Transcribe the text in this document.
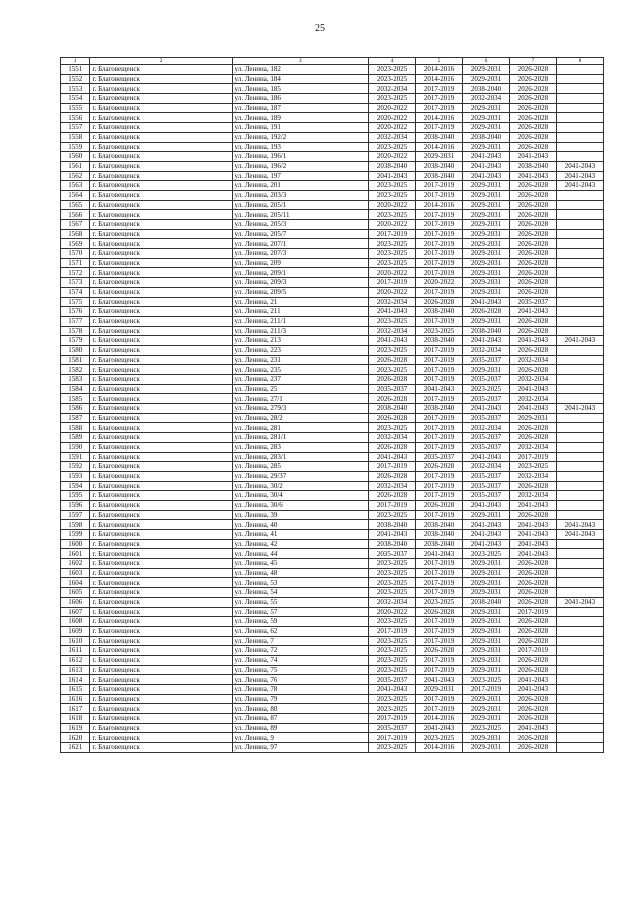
25
1	2	3	4	5	6	7	8
1551	г. Благовещенск	ул. Ленина, 182	2023-2025	2014-2016	2029-2031	2026-2028	
1552	г. Благовещенск	ул. Ленина, 184	2023-2025	2014-2016	2029-2031	2026-2028	
1553	г. Благовещенск	ул. Ленина, 185	2032-2034	2017-2019	2038-2040	2026-2028	
1554	г. Благовещенск	ул. Ленина, 186	2023-2025	2017-2019	2032-2034	2026-2028	
1555	г. Благовещенск	ул. Ленина, 187	2020-2022	2017-2019	2029-2031	2026-2028	
1556	г. Благовещенск	ул. Ленина, 189	2020-2022	2014-2016	2029-2031	2026-2028	
1557	г. Благовещенск	ул. Ленина, 191	2020-2022	2017-2019	2029-2031	2026-2028	
1558	г. Благовещенск	ул. Ленина, 192/2	2032-2034	2038-2040	2038-2040	2026-2028	
1559	г. Благовещенск	ул. Ленина, 193	2023-2025	2014-2016	2029-2031	2026-2028	
1560	г. Благовещенск	ул. Ленина, 196/1	2020-2022	2029-2031	2041-2043	2041-2043	
1561	г. Благовещенск	ул. Ленина, 196/2	2038-2040	2038-2040	2041-2043	2038-2040	2041-2043
1562	г. Благовещенск	ул. Ленина, 197	2041-2043	2038-2040	2041-2043	2041-2043	2041-2043
1563	г. Благовещенск	ул. Ленина, 201	2023-2025	2017-2019	2029-2031	2026-2028	2041-2043
1564	г. Благовещенск	ул. Ленина, 203/3	2023-2025	2017-2019	2029-2031	2026-2028	
1565	г. Благовещенск	ул. Ленина, 205/1	2020-2022	2014-2016	2029-2031	2026-2028	
1566	г. Благовещенск	ул. Ленина, 205/11	2023-2025	2017-2019	2029-2031	2026-2028	
1567	г. Благовещенск	ул. Ленина, 205/3	2020-2022	2017-2019	2029-2031	2026-2028	
1568	г. Благовещенск	ул. Ленина, 205/7	2017-2019	2017-2019	2029-2031	2026-2028	
1569	г. Благовещенск	ул. Ленина, 207/1	2023-2025	2017-2019	2029-2031	2026-2028	
1570	г. Благовещенск	ул. Ленина, 207/3	2023-2025	2017-2019	2029-2031	2026-2028	
1571	г. Благовещенск	ул. Ленина, 209	2023-2025	2017-2019	2029-2031	2026-2028	
1572	г. Благовещенск	ул. Ленина, 209/1	2020-2022	2017-2019	2029-2031	2026-2028	
1573	г. Благовещенск	ул. Ленина, 209/3	2017-2019	2020-2022	2029-2031	2026-2028	
1574	г. Благовещенск	ул. Ленина, 209/5	2020-2022	2017-2019	2029-2031	2026-2028	
1575	г. Благовещенск	ул. Ленина, 21	2032-2034	2026-2028	2041-2043	2035-2037	
1576	г. Благовещенск	ул. Ленина, 211	2041-2043	2038-2040	2026-2028	2041-2043	
1577	г. Благовещенск	ул. Ленина, 211/1	2023-2025	2017-2019	2029-2031	2026-2028	
1578	г. Благовещенск	ул. Ленина, 211/3	2032-2034	2023-2025	2038-2040	2026-2028	
1579	г. Благовещенск	ул. Ленина, 213	2041-2043	2038-2040	2041-2043	2041-2043	2041-2043
1580	г. Благовещенск	ул. Ленина, 223	2023-2025	2017-2019	2032-2034	2026-2028	
1581	г. Благовещенск	ул. Ленина, 231	2026-2028	2017-2019	2035-2037	2032-2034	
1582	г. Благовещенск	ул. Ленина, 235	2023-2025	2017-2019	2029-2031	2026-2028	
1583	г. Благовещенск	ул. Ленина, 237	2026-2028	2017-2019	2035-2037	2032-2034	
1584	г. Благовещенск	ул. Ленина, 25	2035-2037	2041-2043	2023-2025	2041-2043	
1585	г. Благовещенск	ул. Ленина, 27/1	2026-2028	2017-2019	2035-2037	2032-2034	
1586	г. Благовещенск	ул. Ленина, 279/3	2038-2040	2038-2040	2041-2043	2041-2043	2041-2043
1587	г. Благовещенск	ул. Ленина, 28/2	2026-2028	2017-2019	2035-2037	2029-2031	
1588	г. Благовещенск	ул. Ленина, 281	2023-2025	2017-2019	2032-2034	2026-2028	
1589	г. Благовещенск	ул. Ленина, 281/1	2032-2034	2017-2019	2035-2037	2026-2028	
1590	г. Благовещенск	ул. Ленина, 283	2026-2028	2017-2019	2035-2037	2032-2034	
1591	г. Благовещенск	ул. Ленина, 283/1	2041-2043	2035-2037	2041-2043	2017-2019	
1592	г. Благовещенск	ул. Ленина, 285	2017-2019	2026-2028	2032-2034	2023-2025	
1593	г. Благовещенск	ул. Ленина, 29/37	2026-2028	2017-2019	2035-2037	2032-2034	
1594	г. Благовещенск	ул. Ленина, 30/2	2032-2034	2017-2019	2035-2037	2026-2028	
1595	г. Благовещенск	ул. Ленина, 30/4	2026-2028	2017-2019	2035-2037	2032-2034	
1596	г. Благовещенск	ул. Ленина, 30/6	2017-2019	2026-2028	2041-2043	2041-2043	
1597	г. Благовещенск	ул. Ленина, 39	2023-2025	2017-2019	2029-2031	2026-2028	
1598	г. Благовещенск	ул. Ленина, 40	2038-2040	2038-2040	2041-2043	2041-2043	2041-2043
1599	г. Благовещенск	ул. Ленина, 41	2041-2043	2038-2040	2041-2043	2041-2043	2041-2043
1600	г. Благовещенск	ул. Ленина, 42	2038-2040	2038-2040	2041-2043	2041-2043	
1601	г. Благовещенск	ул. Ленина, 44	2035-2037	2041-2043	2023-2025	2041-2043	
1602	г. Благовещенск	ул. Ленина, 45	2023-2025	2017-2019	2029-2031	2026-2028	
1603	г. Благовещенск	ул. Ленина, 48	2023-2025	2017-2019	2029-2031	2026-2028	
1604	г. Благовещенск	ул. Ленина, 53	2023-2025	2017-2019	2029-2031	2026-2028	
1605	г. Благовещенск	ул. Ленина, 54	2023-2025	2017-2019	2029-2031	2026-2028	
1606	г. Благовещенск	ул. Ленина, 55	2032-2034	2023-2025	2038-2040	2026-2028	2041-2043
1607	г. Благовещенск	ул. Ленина, 57	2020-2022	2026-2028	2029-2031	2017-2019	
1608	г. Благовещенск	ул. Ленина, 59	2023-2025	2017-2019	2029-2031	2026-2028	
1609	г. Благовещенск	ул. Ленина, 62	2017-2019	2017-2019	2029-2031	2026-2028	
1610	г. Благовещенск	ул. Ленина, 7	2023-2025	2017-2019	2029-2031	2026-2028	
1611	г. Благовещенск	ул. Ленина, 72	2023-2025	2026-2028	2029-2031	2017-2019	
1612	г. Благовещенск	ул. Ленина, 74	2023-2025	2017-2019	2029-2031	2026-2028	
1613	г. Благовещенск	ул. Ленина, 75	2023-2025	2017-2019	2029-2031	2026-2028	
1614	г. Благовещенск	ул. Ленина, 76	2035-2037	2041-2043	2023-2025	2041-2043	
1615	г. Благовещенск	ул. Ленина, 78	2041-2043	2029-2031	2017-2019	2041-2043	
1616	г. Благовещенск	ул. Ленина, 79	2023-2025	2017-2019	2029-2031	2026-2028	
1617	г. Благовещенск	ул. Ленина, 80	2023-2025	2017-2019	2029-2031	2026-2028	
1618	г. Благовещенск	ул. Ленина, 87	2017-2019	2014-2016	2029-2031	2026-2028	
1619	г. Благовещенск	ул. Ленина, 89	2035-2037	2041-2043	2023-2025	2041-2043	
1620	г. Благовещенск	ул. Ленина, 9	2017-2019	2023-2025	2029-2031	2026-2028	
1621	г. Благовещенск	ул. Ленина, 97	2023-2025	2014-2016	2029-2031	2026-2028	
